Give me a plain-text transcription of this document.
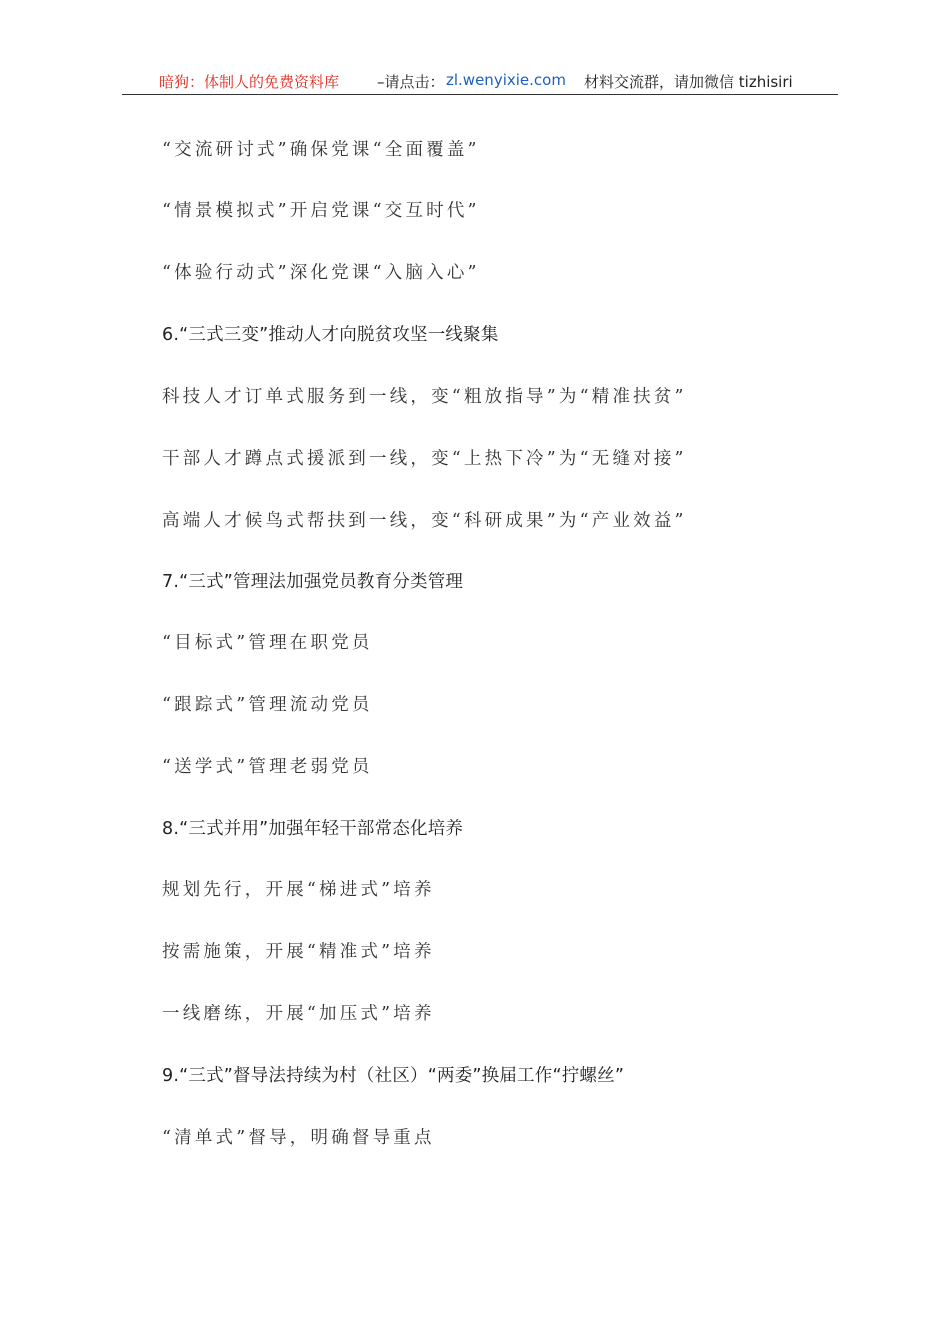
暗狗：体制人的免费资料库	–请点击： zl.wenyixie.com 材料交流群，请加微信 tizhisiri
“交流研讨式”确保党课“全面覆盖”
“情景模拟式”开启党课“交互时代”
“体验行动式”深化党课“入脑入心”
6.“三式三变”推动人才向脱贫攻坚一线聚集
科技人才订单式服务到一线，变“粗放指导”为“精准扶贫”
干部人才蹲点式援派到一线，变“上热下冷”为“无缝对接”
高端人才候鸟式帮扶到一线，变“科研成果”为“产业效益”
7.“三式”管理法加强党员教育分类管理
“目标式”管理在职党员
“跟踪式”管理流动党员
“送学式”管理老弱党员
8.“三式并用”加强年轻干部常态化培养
规划先行，开展“梯进式”培养
按需施策，开展“精准式”培养
一线磨练，开展“加压式”培养
9.“三式”督导法持续为村（社区）“两委”换届工作“拧螺丝”
“清单式”督导，明确督导重点
